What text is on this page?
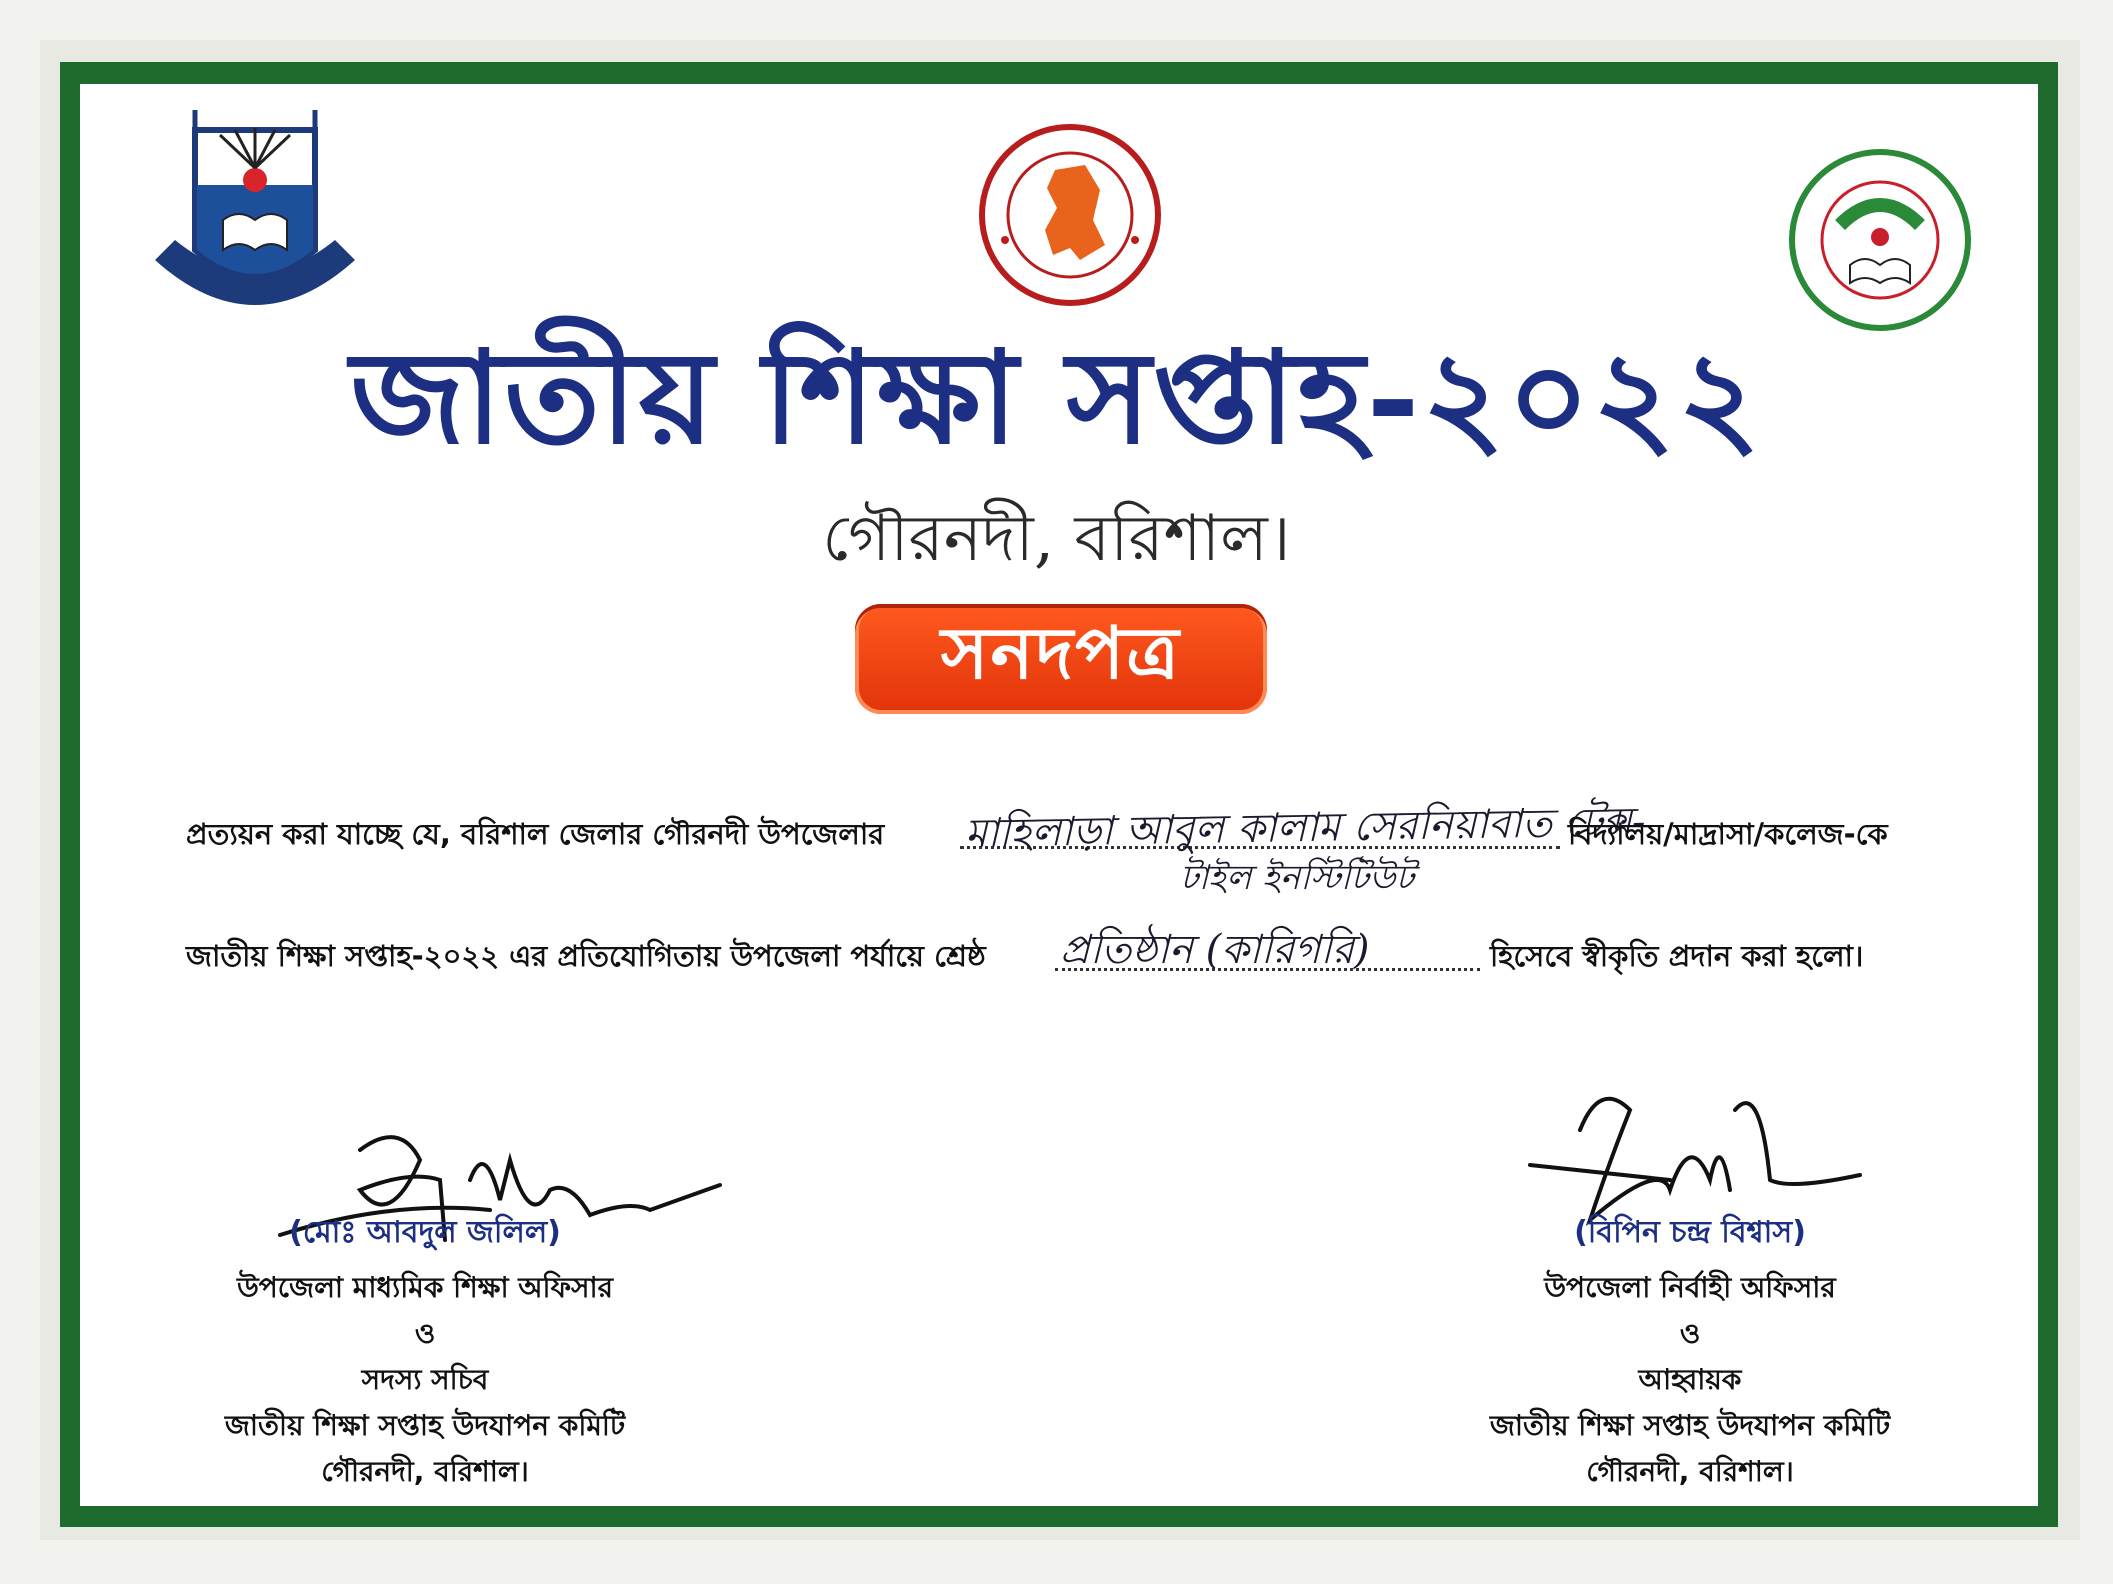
জাতীয় শিক্ষা সপ্তাহ-২০২২
গৌরনদী, বরিশাল।
সনদপত্র
প্রত্যয়ন করা যাচ্ছে যে, বরিশাল জেলার গৌরনদী উপজেলার মাহিলাড়া আবুল কালাম সেরনিয়াবাত টেক্স-
টাইল ইনস্টিটিউট
বিদ্যালয়/মাদ্রাসা/কলেজ-কে
জাতীয় শিক্ষা সপ্তাহ-২০২২ এর প্রতিযোগিতায় উপজেলা পর্যায়ে শ্রেষ্ঠ প্রতিষ্ঠান (কারিগরি)	হিসেবে স্বীকৃতি প্রদান করা হলো।
(মোঃ আবদুল জলিল)
উপজেলা মাধ্যমিক শিক্ষা অফিসার
ও
সদস্য সচিব
জাতীয় শিক্ষা সপ্তাহ উদযাপন কমিটি
গৌরনদী, বরিশাল।
(বিপিন চন্দ্র বিশ্বাস)
উপজেলা নির্বাহী অফিসার
ও
আহ্বায়ক
জাতীয় শিক্ষা সপ্তাহ উদযাপন কমিটি
গৌরনদী, বরিশাল।
